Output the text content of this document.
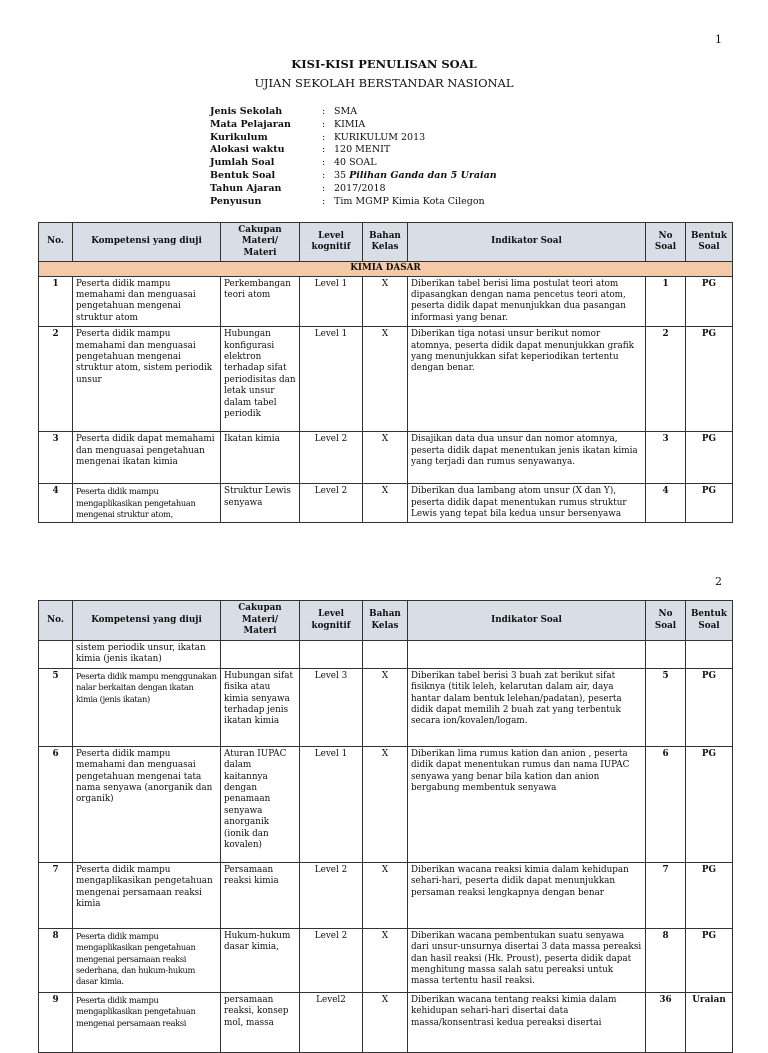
1
KISI-KISI PENULISAN SOAL
UJIAN SEKOLAH BERSTANDAR NASIONAL
Jenis Sekolah	: SMA
Mata Pelajaran	: KIMIA
Kurikulum	: KURIKULUM 2013
Alokasi waktu	: 120 MENIT
Jumlah Soal	: 40 SOAL
Bentuk Soal	: 35 Pilihan Ganda dan 5 Uraian
Tahun Ajaran	: 2017/2018
Penyusun	: Tim MGMP Kimia Kota Cilegon
No.	Kompetensi yang diuji	Cakupan Materi/ Materi	Level kognitif	Bahan Kelas	Indikator Soal	No Soal	Bentuk Soal
KIMIA DASAR							
1	Peserta didik mampu memahami dan menguasai pengetahuan mengenai struktur atom	Perkembangan teori atom	Level 1	X	Diberikan tabel berisi lima postulat teori atom dipasangkan dengan nama pencetus teori atom, peserta didik dapat menunjukkan dua pasangan informasi yang benar.	1	PG
2	Peserta didik mampu memahami dan menguasai pengetahuan mengenai struktur atom, sistem periodik unsur	Hubungan konfigurasi elektron terhadap sifat periodisitas dan letak unsur dalam tabel periodik	Level 1	X	Diberikan tiga notasi unsur berikut nomor atomnya, peserta didik dapat menunjukkan grafik yang menunjukkan sifat keperiodikan tertentu dengan benar.	2	PG
3	Peserta didik dapat memahami dan menguasai pengetahuan mengenai ikatan kimia	Ikatan kimia	Level 2	X	Disajikan data dua unsur dan nomor atomnya, peserta didik dapat menentukan jenis ikatan kimia yang terjadi dan rumus senyawanya.	3	PG
4	Peserta didik mampu mengaplikasikan pengetahuan mengenai struktur atom,	Struktur Lewis senyawa	Level 2	X	Diberikan dua lambang atom unsur (X dan Y), peserta didik dapat menentukan rumus struktur Lewis yang tepat bila kedua unsur bersenyawa	4	PG
2
No.	Kompetensi yang diuji	Cakupan Materi/ Materi	Level kognitif	Bahan Kelas	Indikator Soal	No Soal	Bentuk Soal
	sistem periodik unsur, ikatan kimia (jenis ikatan)						
5	Peserta didik mampu menggunakan nalar berkaitan dengan ikatan kimia (jenis ikatan)	Hubungan sifat fisika atau kimia senyawa terhadap jenis ikatan kimia	Level 3	X	Diberikan tabel berisi 3 buah zat berikut sifat fisiknya (titik leleh, kelarutan dalam air, daya hantar dalam bentuk lelehan/padatan), peserta didik dapat memilih 2 buah zat yang terbentuk secara ion/kovalen/logam.	5	PG
6	Peserta didik mampu memahami dan menguasai pengetahuan mengenai tata nama senyawa (anorganik dan organik)	Aturan IUPAC dalam kaitannya dengan penamaan senyawa anorganik (ionik dan kovalen)	Level 1	X	Diberikan lima rumus kation dan anion , peserta didik dapat menentukan rumus dan nama IUPAC senyawa yang benar bila kation dan anion bergabung membentuk senyawa	6	PG
7	Peserta didik mampu mengaplikasikan pengetahuan mengenai persamaan reaksi kimia	Persamaan reaksi kimia	Level 2	X	Diberikan wacana reaksi kimia dalam kehidupan sehari-hari, peserta didik dapat menunjukkan persaman reaksi lengkapnya dengan benar	7	PG
8	Peserta didik mampu mengaplikasikan pengetahuan mengenai persamaan reaksi sederhana, dan hukum-hukum dasar kimia.	Hukum-hukum dasar kimia,	Level 2	X	Diberikan wacana pembentukan suatu senyawa dari unsur-unsurnya disertai 3 data massa pereaksi dan hasil reaksi (Hk. Proust), peserta didik dapat menghitung massa salah satu pereaksi untuk massa tertentu hasil reaksi.	8	PG
9	Peserta didik mampu mengaplikasikan pengetahuan mengenai persamaan reaksi	persamaan reaksi, konsep mol, massa	Level2	X	Diberikan wacana tentang reaksi kimia dalam kehidupan sehari-hari disertai data massa/konsentrasi kedua pereaksi disertai	36	Uraian
